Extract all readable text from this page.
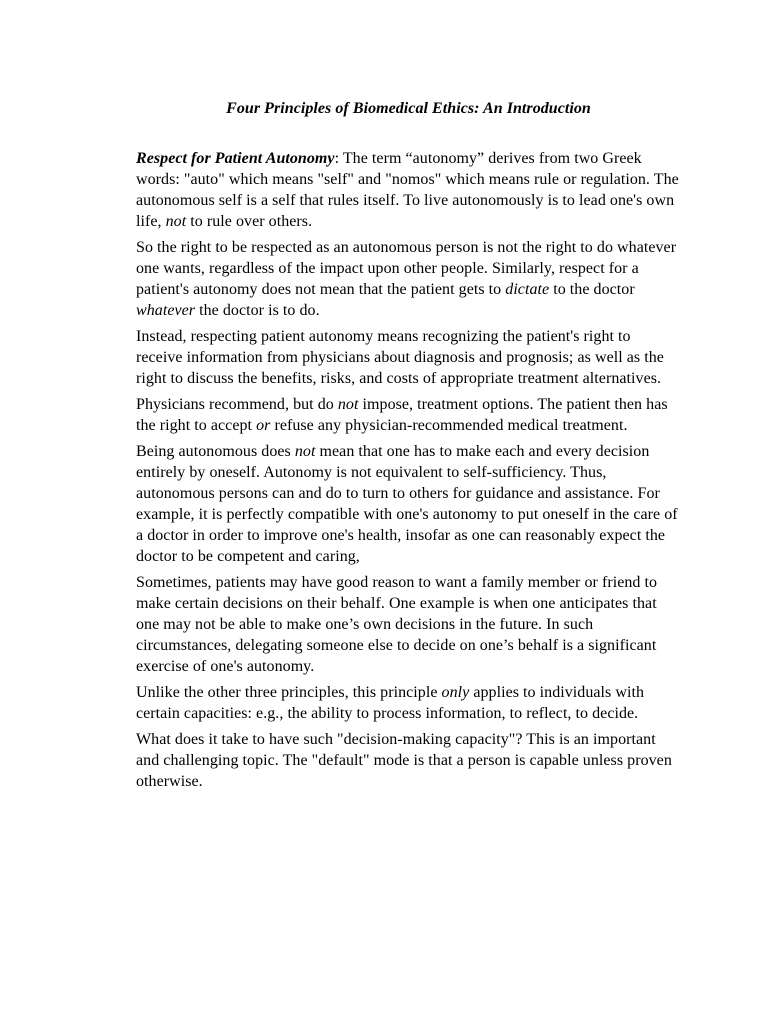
Four Principles of Biomedical Ethics: An Introduction

Respect for Patient Autonomy: The term “autonomy” derives from two Greek words: "auto" which means "self" and "nomos" which means rule or regulation. The autonomous self is a self that rules itself. To live autonomously is to lead one's own life, not to rule over others.

So the right to be respected as an autonomous person is not the right to do whatever one wants, regardless of the impact upon other people. Similarly, respect for a patient's autonomy does not mean that the patient gets to dictate to the doctor whatever the doctor is to do.

Instead, respecting patient autonomy means recognizing the patient's right to receive information from physicians about diagnosis and prognosis; as well as the right to discuss the benefits, risks, and costs of appropriate treatment alternatives.

Physicians recommend, but do not impose, treatment options. The patient then has the right to accept or refuse any physician-recommended medical treatment.

Being autonomous does not mean that one has to make each and every decision entirely by oneself. Autonomy is not equivalent to self-sufficiency. Thus, autonomous persons can and do to turn to others for guidance and assistance. For example, it is perfectly compatible with one's autonomy to put oneself in the care of a doctor in order to improve one's health, insofar as one can reasonably expect the doctor to be competent and caring,

Sometimes, patients may have good reason to want a family member or friend to make certain decisions on their behalf. One example is when one anticipates that one may not be able to make one’s own decisions in the future. In such circumstances, delegating someone else to decide on one’s behalf is a significant exercise of one's autonomy.

Unlike the other three principles, this principle only applies to individuals with certain capacities: e.g., the ability to process information, to reflect, to decide.

What does it take to have such "decision-making capacity"? This is an important and challenging topic. The "default" mode is that a person is capable unless proven otherwise.
